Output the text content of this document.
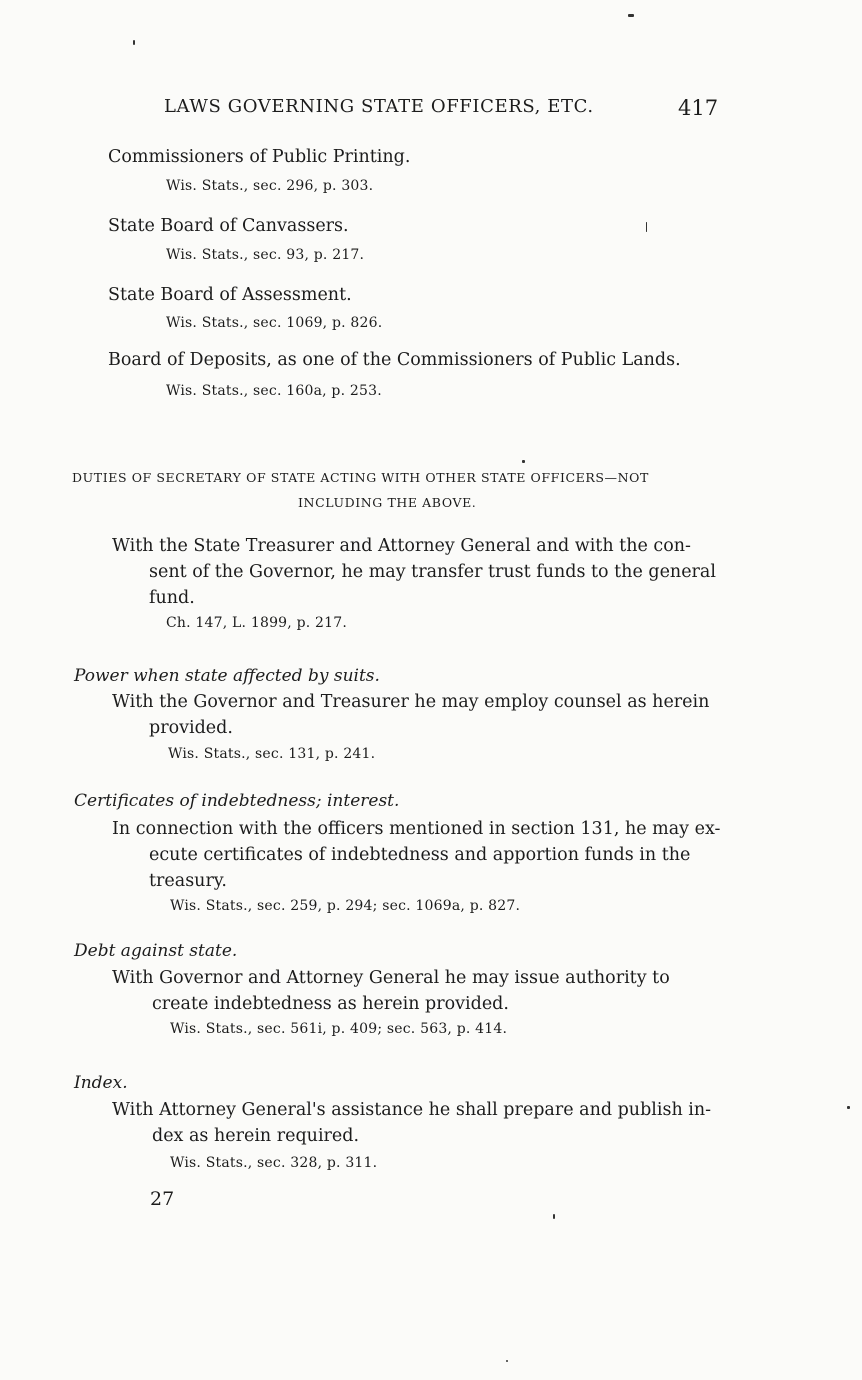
LAWS GOVERNING STATE OFFICERS, ETC.	417
Commissioners of Public Printing.
Wis. Stats., sec. 296, p. 303.
State Board of Canvassers.
Wis. Stats., sec. 93, p. 217.
State Board of Assessment.
Wis. Stats., sec. 1069, p. 826.
Board of Deposits, as one of the Commissioners of Public Lands.
Wis. Stats., sec. 160a, p. 253.
DUTIES OF SECRETARY OF STATE ACTING WITH OTHER STATE OFFICERS—NOT
INCLUDING THE ABOVE.
With the State Treasurer and Attorney General and with the con-
sent of the Governor, he may transfer trust funds to the general
fund.
Ch. 147, L. 1899, p. 217.
Power when state affected by suits.
With the Governor and Treasurer he may employ counsel as herein
provided.
Wis. Stats., sec. 131, p. 241.
Certificates of indebtedness; interest.
In connection with the officers mentioned in section 131, he may ex-
ecute certificates of indebtedness and apportion funds in the
treasury.
Wis. Stats., sec. 259, p. 294; sec. 1069a, p. 827.
Debt against state.
With Governor and Attorney General he may issue authority to
create indebtedness as herein provided.
Wis. Stats., sec. 561i, p. 409; sec. 563, p. 414.
Index.
With Attorney General's assistance he shall prepare and publish in-
dex as herein required.
Wis. Stats., sec. 328, p. 311.
27
